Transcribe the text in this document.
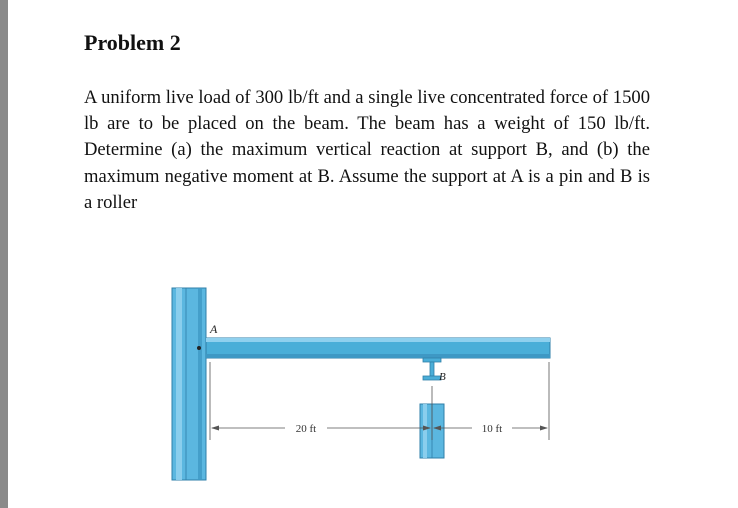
Problem 2

A uniform live load of 300 lb/ft and a single live concentrated force of 1500 lb are to be placed on the beam. The beam has a weight of 150 lb/ft. Determine (a) the maximum vertical reaction at support B, and (b) the maximum negative moment at B. Assume the support at A is a pin and B is a roller

20 ft	10 ft
A
B
